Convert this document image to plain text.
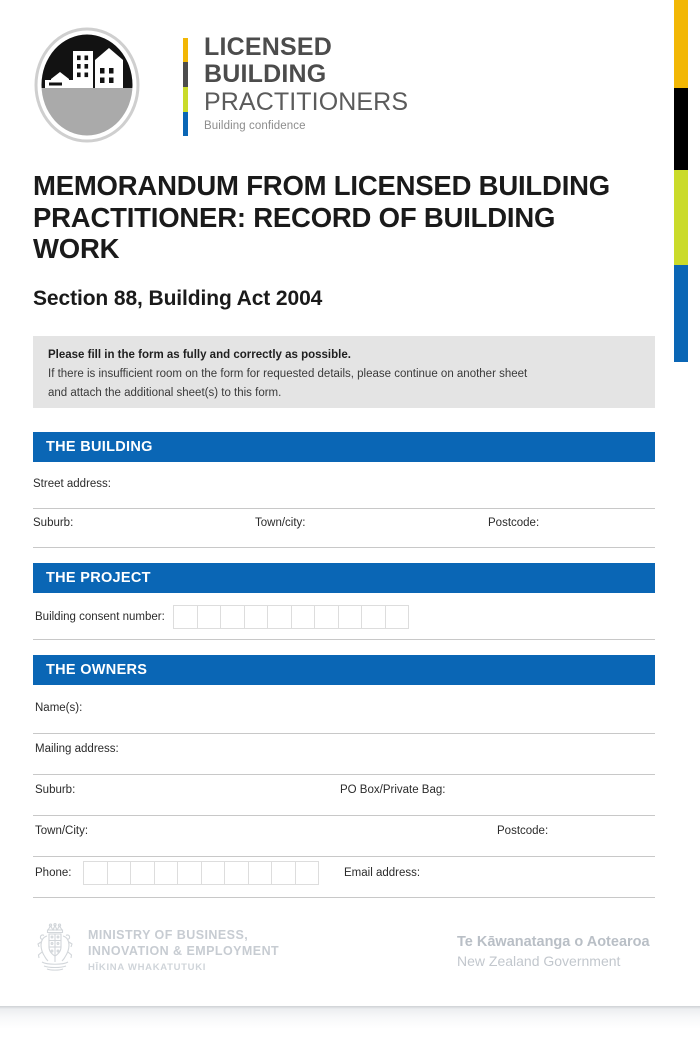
LICENSED
BUILDING
PRACTITIONERS
Building confidence
MEMORANDUM FROM LICENSED BUILDING PRACTITIONER: RECORD OF BUILDING WORK
Section 88, Building Act 2004
Please fill in the form as fully and correctly as possible.
If there is insufficient room on the form for requested details, please continue on another sheet
and attach the additional sheet(s) to this form.
THE BUILDING
Street address:
Suburb:	Town/city:	Postcode:
THE PROJECT
Building consent number:
THE OWNERS
Name(s):
Mailing address:
Suburb:	PO Box/Private Bag:
Town/City:	Postcode:
Phone:	Email address:
MINISTRY OF BUSINESS,
INNOVATION & EMPLOYMENT
HĪKINA WHAKATUTUKI
Te Kāwanatanga o Aotearoa
New Zealand Government
